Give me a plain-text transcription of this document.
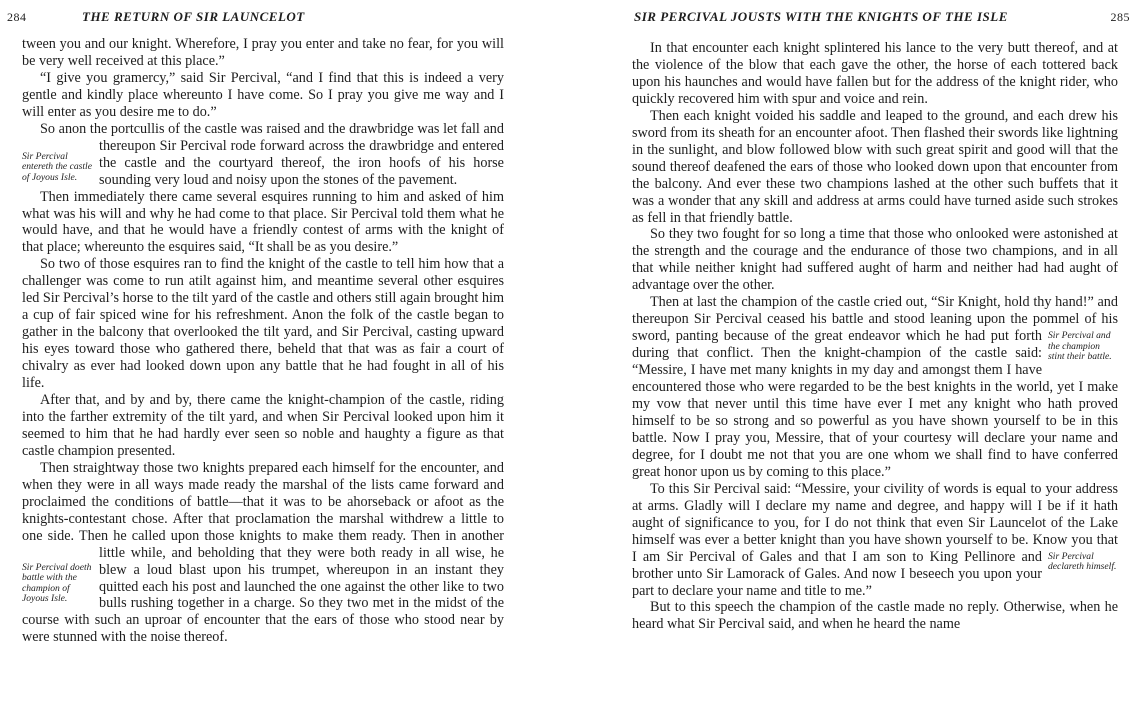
284	THE RETURN OF SIR LAUNCELOT

tween you and our knight. Wherefore, I pray you enter and take no fear, for you will be very well received at this place.”

“I give you gramercy,” said Sir Percival, “and I find that this is indeed a very gentle and kindly place whereunto I have come. So I pray you give me way and I will enter as you desire me to do.”

Sir Percival entereth the castle of Joyous Isle.

So anon the portcullis of the castle was raised and the drawbridge was let fall and thereupon Sir Percival rode forward across the drawbridge and entered the castle and the courtyard thereof, the iron hoofs of his horse sounding very loud and noisy upon the stones of the pavement.

Then immediately there came several esquires running to him and asked of him what was his will and why he had come to that place. Sir Percival told them what he would have, and that he would have a friendly contest of arms with the knight of that place; whereunto the esquires said, “It shall be as you desire.”

So two of those esquires ran to find the knight of the castle to tell him how that a challenger was come to run atilt against him, and meantime several other esquires led Sir Percival’s horse to the tilt yard of the castle and others still again brought him a cup of fair spiced wine for his refreshment. Anon the folk of the castle began to gather in the balcony that overlooked the tilt yard, and Sir Percival, casting upward his eyes toward those who gathered there, beheld that that was as fair a court of chivalry as ever had looked down upon any battle that he had fought in all of his life.

After that, and by and by, there came the knight-champion of the castle, riding into the farther extremity of the tilt yard, and when Sir Percival looked upon him it seemed to him that he had hardly ever seen so noble and haughty a figure as that castle champion presented.

Sir Percival doeth battle with the champion of Joyous Isle.

Then straightway those two knights prepared each himself for the encounter, and when they were in all ways made ready the marshal of the lists came forward and proclaimed the conditions of battle—that it was to be ahorseback or afoot as the knights-contestant chose. After that proclamation the marshal withdrew a little to one side. Then he called upon those knights to make them ready. Then in another little while, and beholding that they were both ready in all wise, he blew a loud blast upon his trumpet, whereupon in an instant they quitted each his post and launched the one against the other like to two bulls rushing together in a charge. So they two met in the midst of the course with such an uproar of encounter that the ears of those who stood near by were stunned with the noise thereof.

SIR PERCIVAL JOUSTS WITH THE KNIGHTS OF THE ISLE	285

In that encounter each knight splintered his lance to the very butt thereof, and at the violence of the blow that each gave the other, the horse of each tottered back upon his haunches and would have fallen but for the address of the knight rider, who quickly recovered him with spur and voice and rein.

Then each knight voided his saddle and leaped to the ground, and each drew his sword from its sheath for an encounter afoot. Then flashed their swords like lightning in the sunlight, and blow followed blow with such great spirit and good will that the sound thereof deafened the ears of those who looked down upon that encounter from the balcony. And ever these two champions lashed at the other such buffets that it was a wonder that any skill and address at arms could have turned aside such strokes as fell in that friendly battle.

So they two fought for so long a time that those who onlooked were astonished at the strength and the courage and the endurance of those two champions, and in all that while neither knight had suffered aught of harm and neither had had aught of advantage over the other.

Sir Percival and the champion stint their battle.

Then at last the champion of the castle cried out, “Sir Knight, hold thy hand!” and thereupon Sir Percival ceased his battle and stood leaning upon the pommel of his sword, panting because of the great endeavor which he had put forth during that conflict. Then the knight-champion of the castle said: “Messire, I have met many knights in my day and amongst them I have encountered those who were regarded to be the best knights in the world, yet I make my vow that never until this time have ever I met any knight who hath proved himself to be so strong and so powerful as you have shown yourself to be in this battle. Now I pray you, Messire, that of your courtesy will declare your name and degree, for I doubt me not that you are one whom we shall find to have conferred great honor upon us by coming to this place.”

Sir Percival declareth himself.

To this Sir Percival said: “Messire, your civility of words is equal to your address at arms. Gladly will I declare my name and degree, and happy will I be if it hath aught of significance to you, for I do not think that even Sir Launcelot of the Lake himself was ever a better knight than you have shown yourself to be. Know you that I am Sir Percival of Gales and that I am son to King Pellinore and brother unto Sir Lamorack of Gales. And now I beseech you upon your part to declare your name and title to me.”

But to this speech the champion of the castle made no reply. Otherwise, when he heard what Sir Percival said, and when he heard the name
